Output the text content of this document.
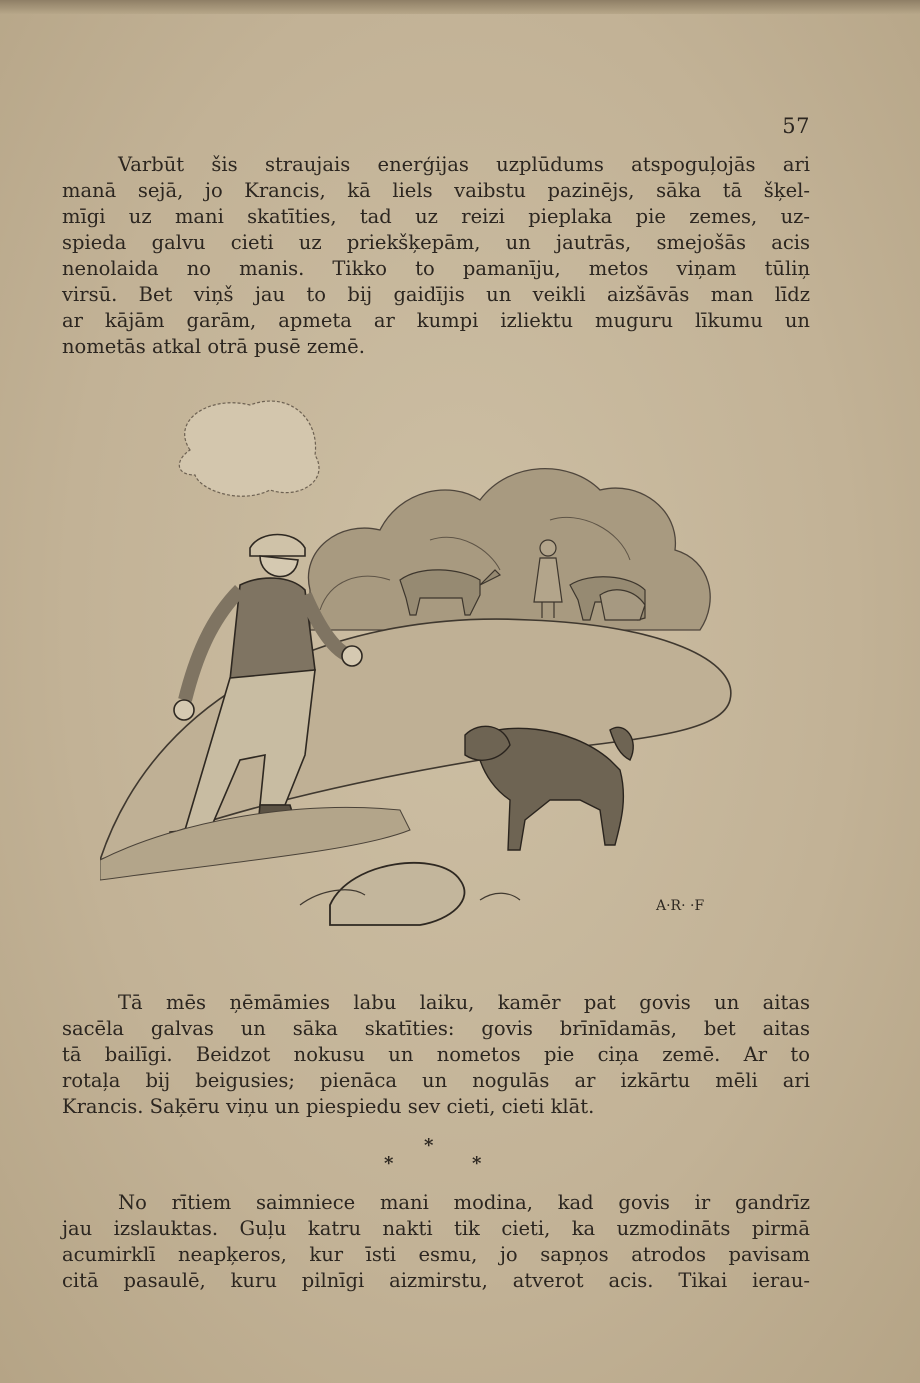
57
Varbūt šis straujais enerģijas uzplūdums atspoguļojās ari
manā sejā, jo Krancis, kā liels vaibstu pazinējs, sāka tā šķel-
mīgi uz mani skatīties, tad uz reizi pieplaka pie zemes, uz-
spieda galvu cieti uz priekšķepām, un jautrās, smejošās acis
nenolaida no manis. Tikko to pamanīju, metos viņam tūliņ
virsū. Bet viņš jau to bij gaidījis un veikli aizšāvās man līdz
ar kājām garām, apmeta ar kumpi izliektu muguru līkumu un
nometās atkal otrā pusē zemē.
A·R· ·F
Tā mēs ņēmāmies labu laiku, kamēr pat govis un aitas
sacēla galvas un sāka skatīties: govis brīnīdamās, bet aitas
tā bailīgi. Beidzot nokusu un nometos pie ciņa zemē. Ar to
rotaļa bij beigusies; pienāca un nogulās ar izkārtu mēli ari
Krancis. Saķēru viņu un piespiedu sev cieti, cieti klāt.
*
*	*
No rītiem saimniece mani modina, kad govis ir gandrīz
jau izslauktas. Guļu katru nakti tik cieti, ka uzmodināts pirmā
acumirklī neapķeros, kur īsti esmu, jo sapņos atrodos pavisam
citā pasaulē, kuru pilnīgi aizmirstu, atverot acis. Tikai ierau-
